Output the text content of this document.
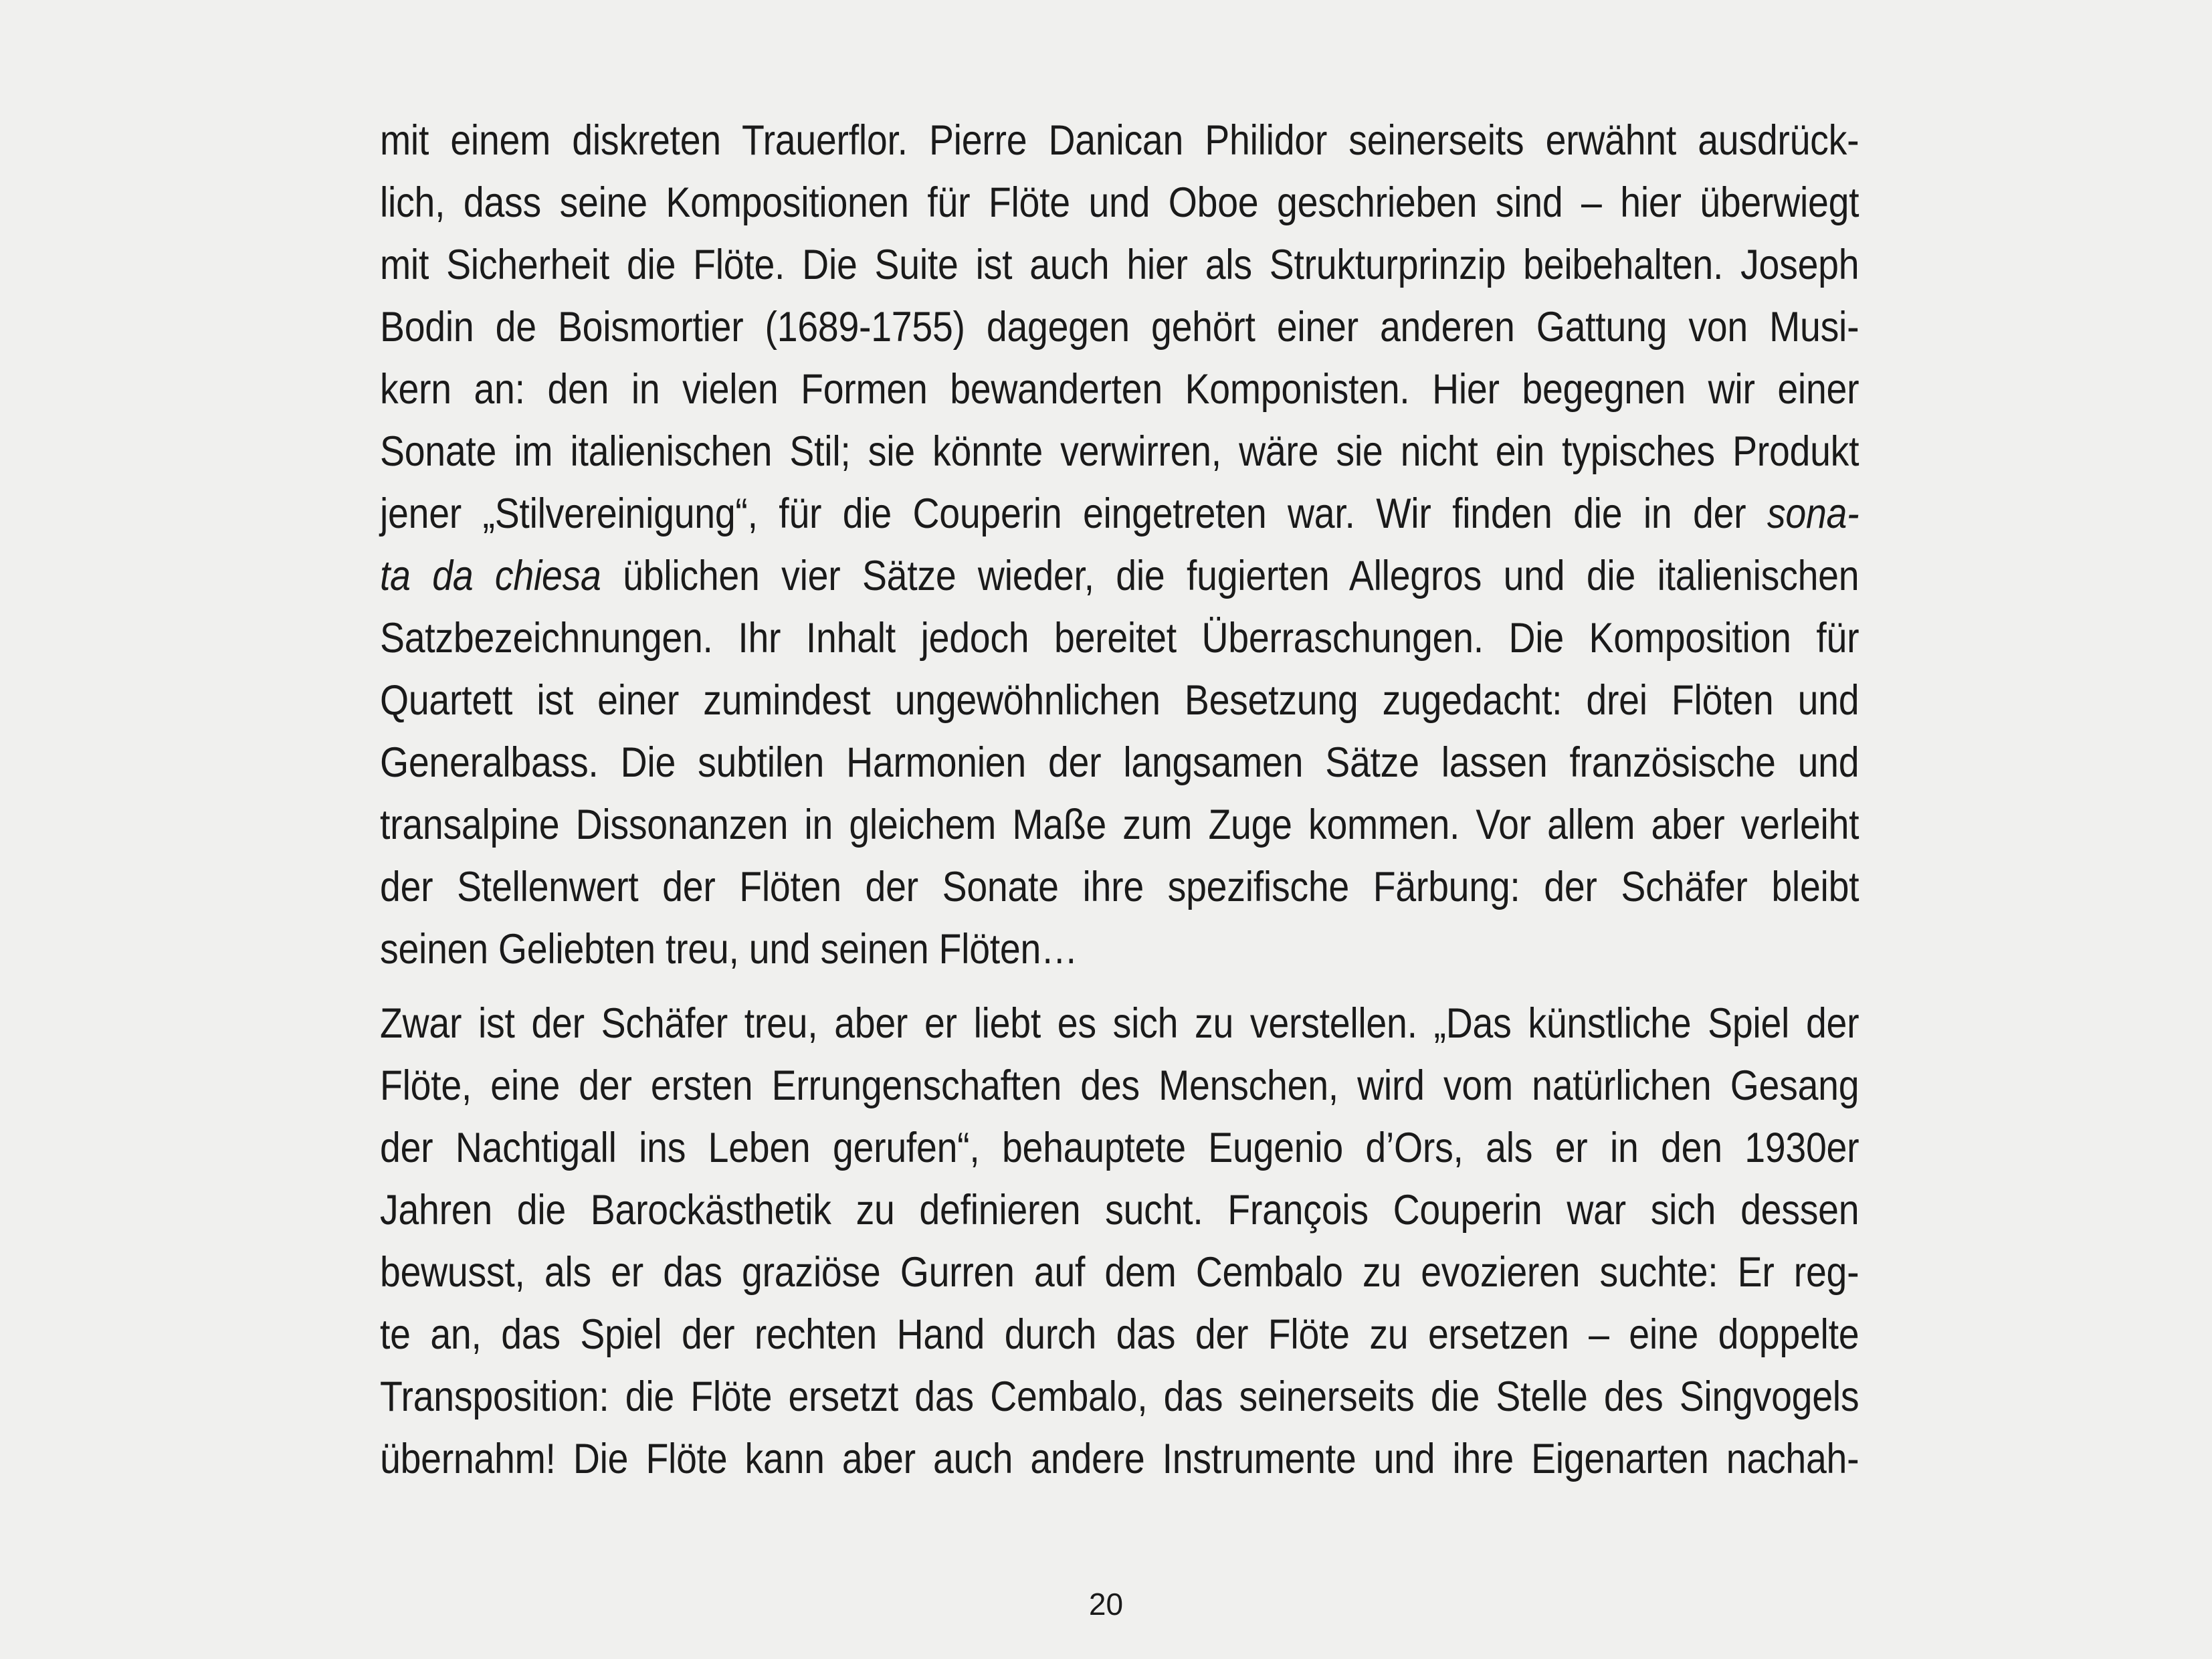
mit einem diskreten Trauerflor. Pierre Danican Philidor seinerseits erwähnt ausdrück-
lich, dass seine Kompositionen für Flöte und Oboe geschrieben sind – hier überwiegt
mit Sicherheit die Flöte. Die Suite ist auch hier als Strukturprinzip beibehalten. Joseph
Bodin de Boismortier (1689-1755) dagegen gehört einer anderen Gattung von Musi-
kern an: den in vielen Formen bewanderten Komponisten. Hier begegnen wir einer
Sonate im italienischen Stil; sie könnte verwirren, wäre sie nicht ein typisches Produkt
jener „Stilvereinigung“, für die Couperin eingetreten war. Wir finden die in der sona-
ta da chiesa üblichen vier Sätze wieder, die fugierten Allegros und die italienischen
Satzbezeichnungen. Ihr Inhalt jedoch bereitet Überraschungen. Die Komposition für
Quartett ist einer zumindest ungewöhnlichen Besetzung zugedacht: drei Flöten und
Generalbass. Die subtilen Harmonien der langsamen Sätze lassen französische und
transalpine Dissonanzen in gleichem Maße zum Zuge kommen. Vor allem aber verleiht
der Stellenwert der Flöten der Sonate ihre spezifische Färbung: der Schäfer bleibt
seinen Geliebten treu, und seinen Flöten…
Zwar ist der Schäfer treu, aber er liebt es sich zu verstellen. „Das künstliche Spiel der
Flöte, eine der ersten Errungenschaften des Menschen, wird vom natürlichen Gesang
der Nachtigall ins Leben gerufen“, behauptete Eugenio d’Ors, als er in den 1930er
Jahren die Barockästhetik zu definieren sucht. François Couperin war sich dessen
bewusst, als er das graziöse Gurren auf dem Cembalo zu evozieren suchte: Er reg-
te an, das Spiel der rechten Hand durch das der Flöte zu ersetzen – eine doppelte
Transposition: die Flöte ersetzt das Cembalo, das seinerseits die Stelle des Singvogels
übernahm! Die Flöte kann aber auch andere Instrumente und ihre Eigenarten nachah-
20
